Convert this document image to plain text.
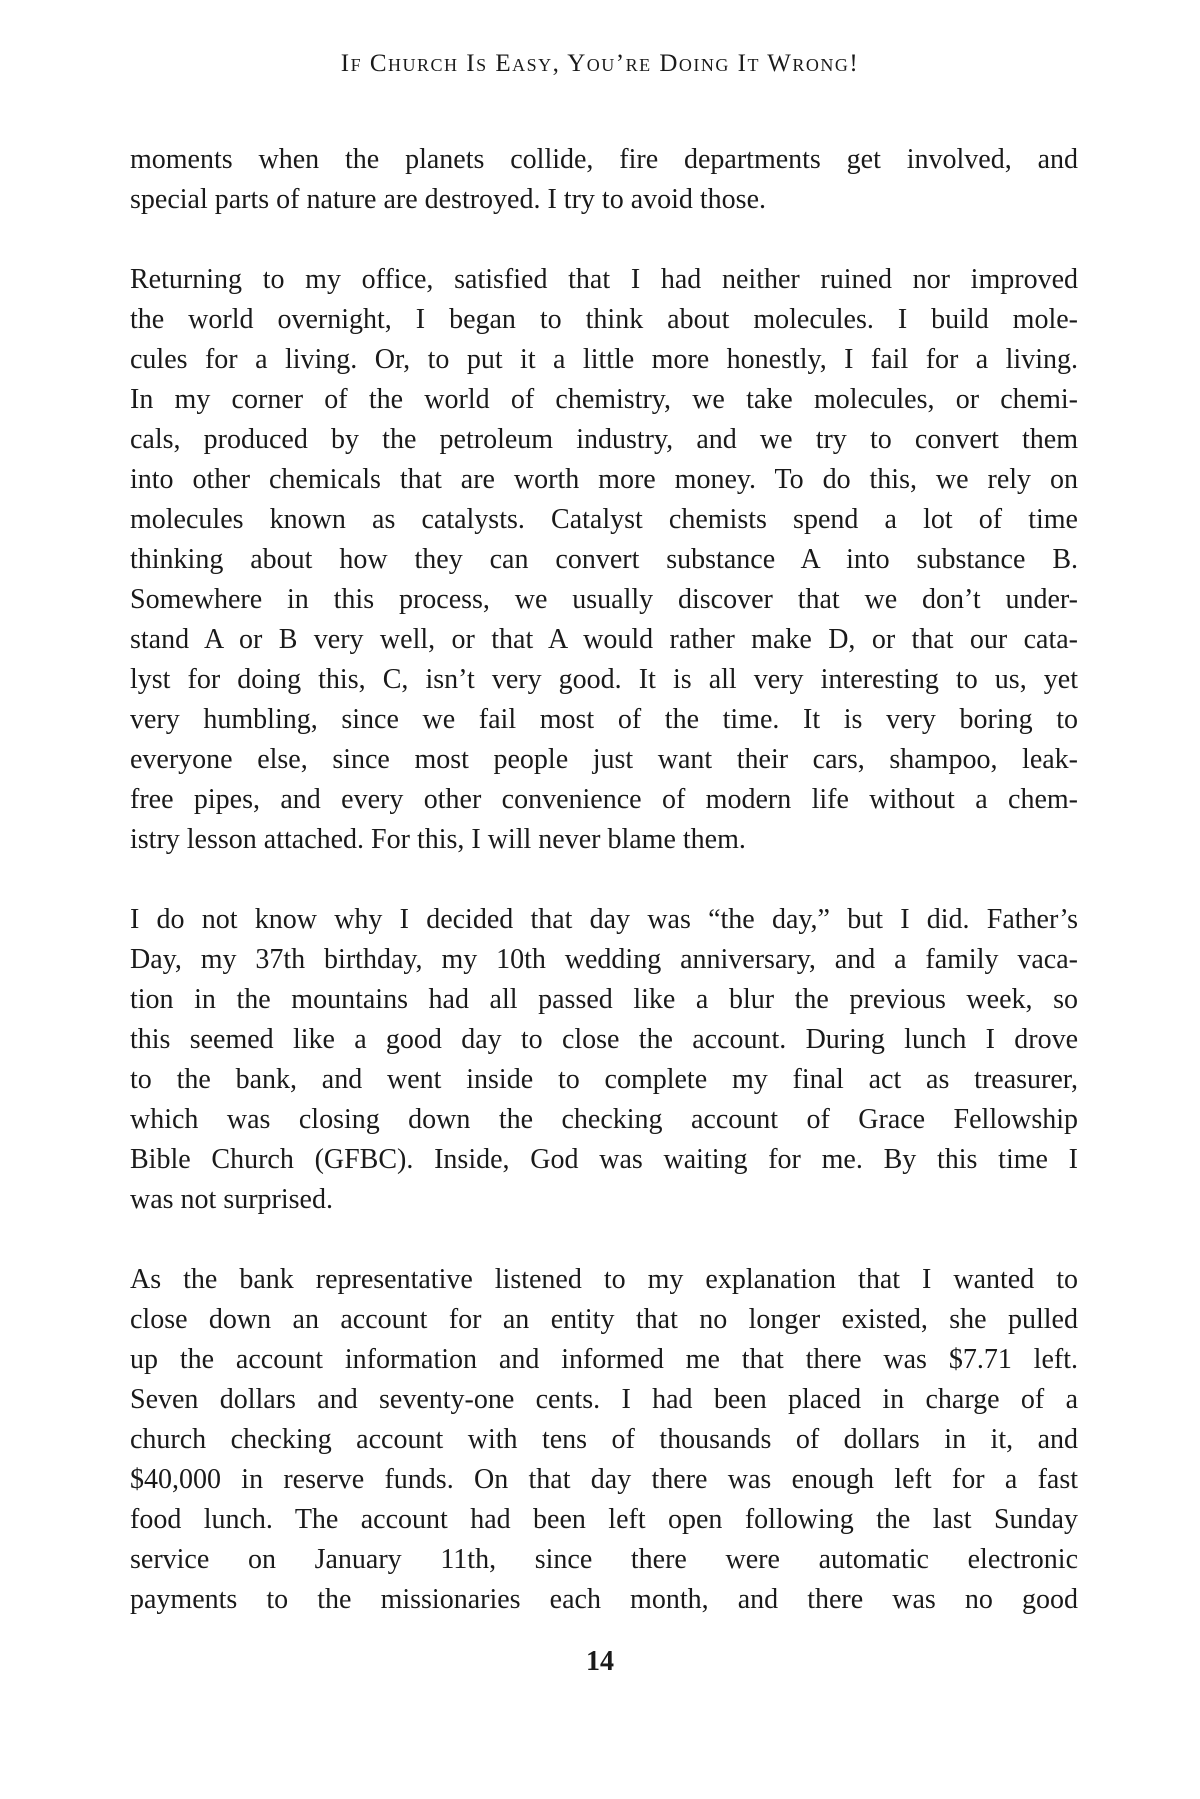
If Church Is Easy, You’re Doing It Wrong!

moments when the planets collide, fire departments get involved, and
special parts of nature are destroyed. I try to avoid those.

Returning to my office, satisfied that I had neither ruined nor improved
the world overnight, I began to think about molecules. I build mole-
cules for a living. Or, to put it a little more honestly, I fail for a living.
In my corner of the world of chemistry, we take molecules, or chemi-
cals, produced by the petroleum industry, and we try to convert them
into other chemicals that are worth more money. To do this, we rely on
molecules known as catalysts. Catalyst chemists spend a lot of time
thinking about how they can convert substance A into substance B.
Somewhere in this process, we usually discover that we don’t under-
stand A or B very well, or that A would rather make D, or that our cata-
lyst for doing this, C, isn’t very good. It is all very interesting to us, yet
very humbling, since we fail most of the time. It is very boring to
everyone else, since most people just want their cars, shampoo, leak-
free pipes, and every other convenience of modern life without a chem-
istry lesson attached. For this, I will never blame them.

I do not know why I decided that day was “the day,” but I did. Father’s
Day, my 37th birthday, my 10th wedding anniversary, and a family vaca-
tion in the mountains had all passed like a blur the previous week, so
this seemed like a good day to close the account. During lunch I drove
to the bank, and went inside to complete my final act as treasurer,
which was closing down the checking account of Grace Fellowship
Bible Church (GFBC). Inside, God was waiting for me. By this time I
was not surprised.

As the bank representative listened to my explanation that I wanted to
close down an account for an entity that no longer existed, she pulled
up the account information and informed me that there was $7.71 left.
Seven dollars and seventy-one cents. I had been placed in charge of a
church checking account with tens of thousands of dollars in it, and
$40,000 in reserve funds. On that day there was enough left for a fast
food lunch. The account had been left open following the last Sunday
service on January 11th, since there were automatic electronic
payments to the missionaries each month, and there was no good

14
